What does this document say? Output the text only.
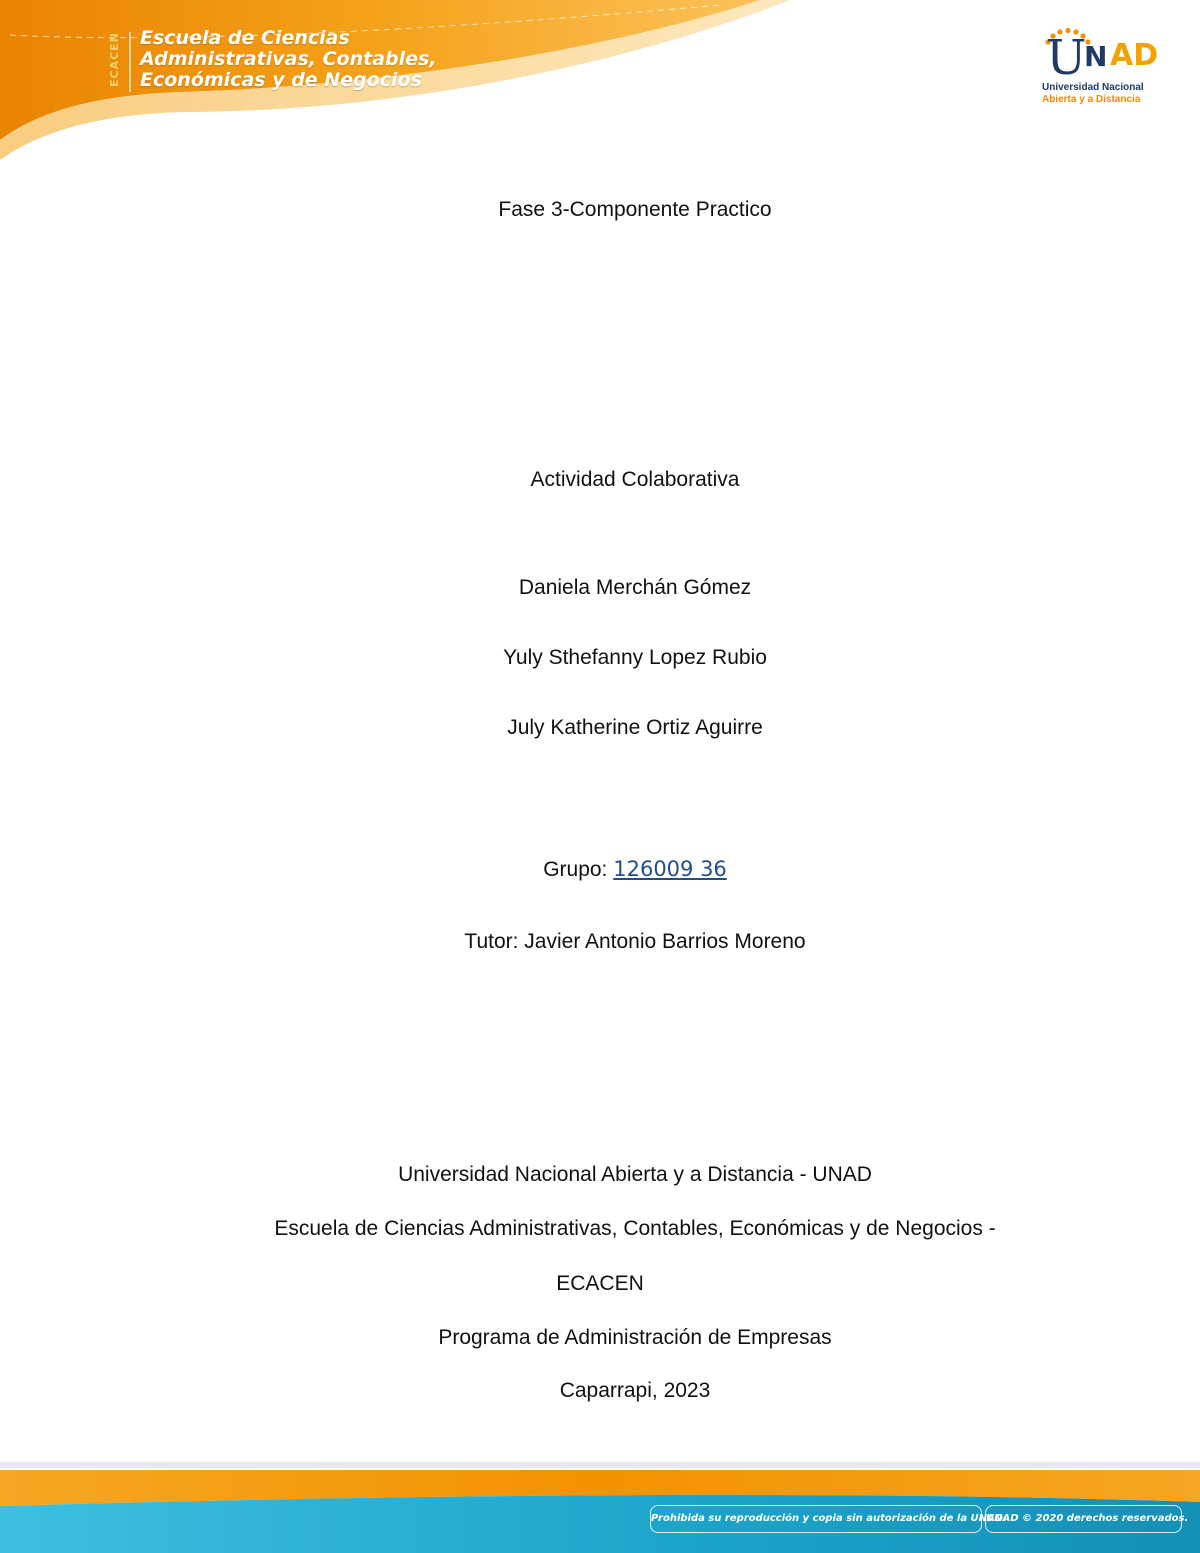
ECACEN	Escuela de Ciencias
Administrativas, Contables,
Económicas y de Negocios	U
N AD
Universidad Nacional
Abierta y a Distancia
Fase 3-Componente Practico
Actividad Colaborativa
Daniela Merchán Gómez
Yuly Sthefanny Lopez Rubio
July Katherine Ortiz Aguirre
Grupo: 126009 36
Tutor: Javier Antonio Barrios Moreno
Universidad Nacional Abierta y a Distancia - UNAD
Escuela de Ciencias Administrativas, Contables, Económicas y de Negocios -
ECACEN
Programa de Administración de Empresas
Caparrapi, 2023
Prohibida su reproducción y copia sin autorización de la UNAD.
UNAD © 2020 derechos reservados.
